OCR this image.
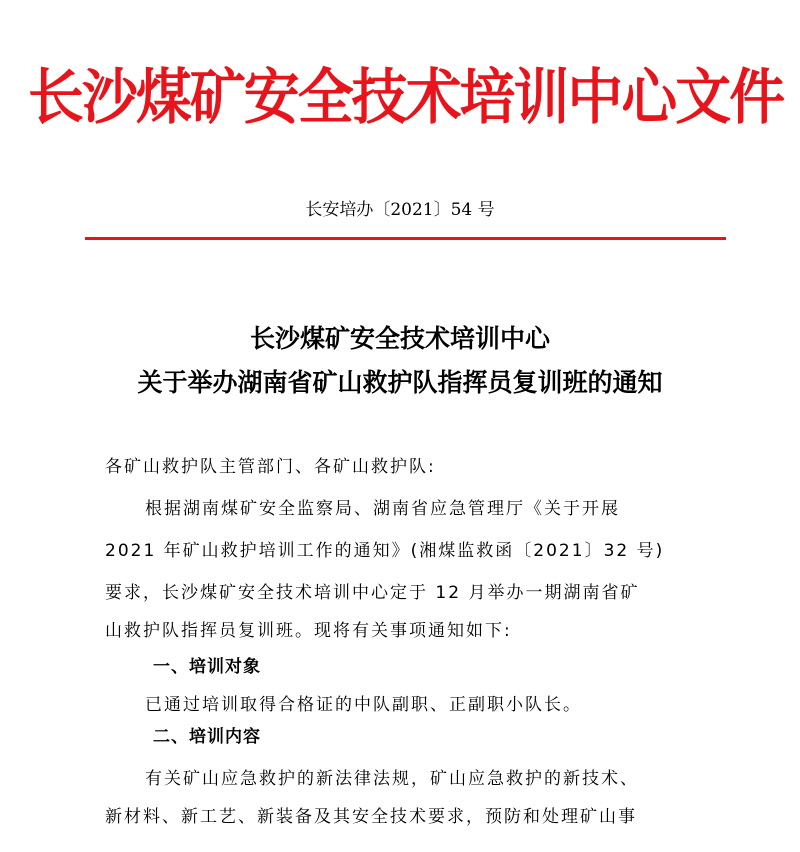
长沙煤矿安全技术培训中心文件
长安培办〔2021〕54 号
长沙煤矿安全技术培训中心
关于举办湖南省矿山救护队指挥员复训班的通知
各矿山救护队主管部门、各矿山救护队:
根据湖南煤矿安全监察局、湖南省应急管理厅《关于开展
2021 年矿山救护培训工作的通知》(湘煤监救函〔2021〕32 号)
要求，长沙煤矿安全技术培训中心定于 12 月举办一期湖南省矿
山救护队指挥员复训班。现将有关事项通知如下:
一、培训对象
已通过培训取得合格证的中队副职、正副职小队长。
二、培训内容
有关矿山应急救护的新法律法规，矿山应急救护的新技术、
新材料、新工艺、新装备及其安全技术要求，预防和处理矿山事
